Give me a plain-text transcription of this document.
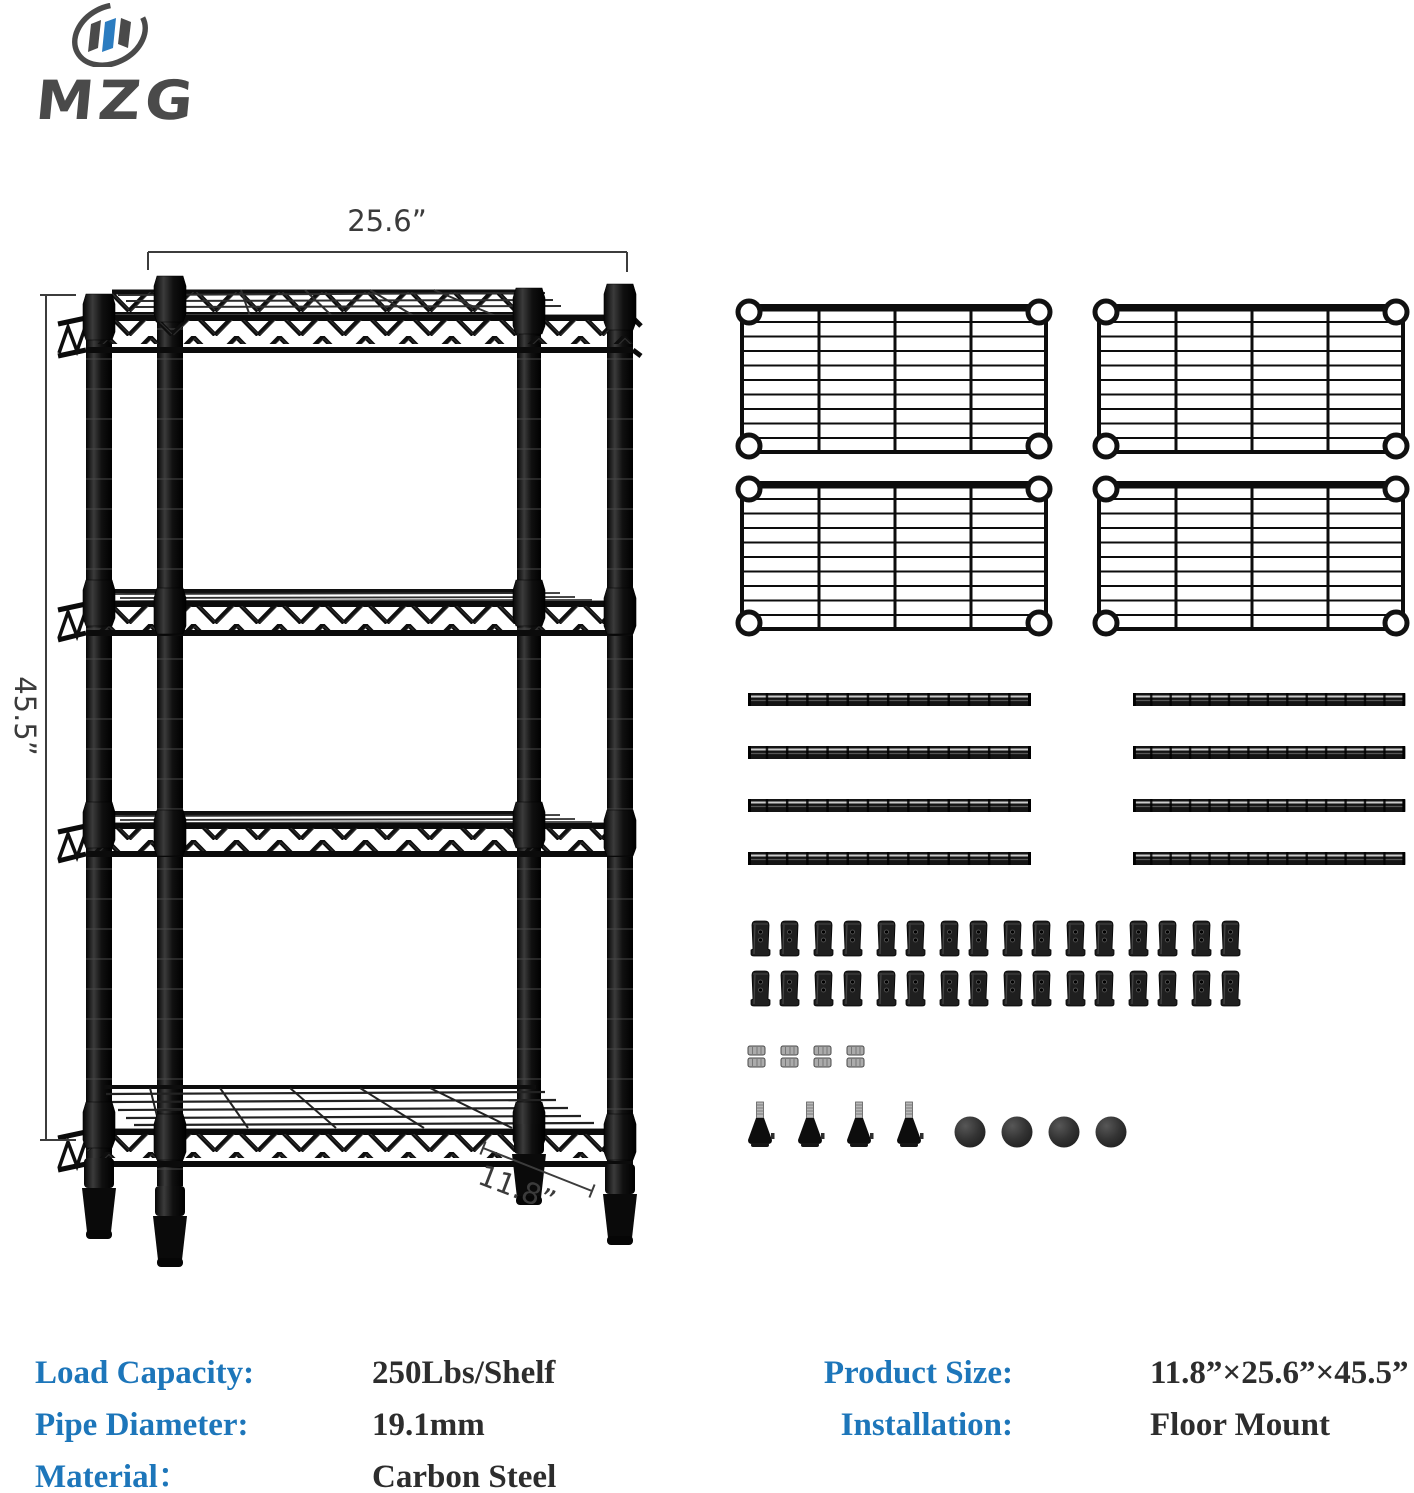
MZG
25.6”
45.5”
11.8”
Load Capacity:	250Lbs/Shelf
Pipe Diameter:	19.1mm
Material：	Carbon Steel
Product Size:	11.8”×25.6”×45.5”
Installation:	Floor Mount
